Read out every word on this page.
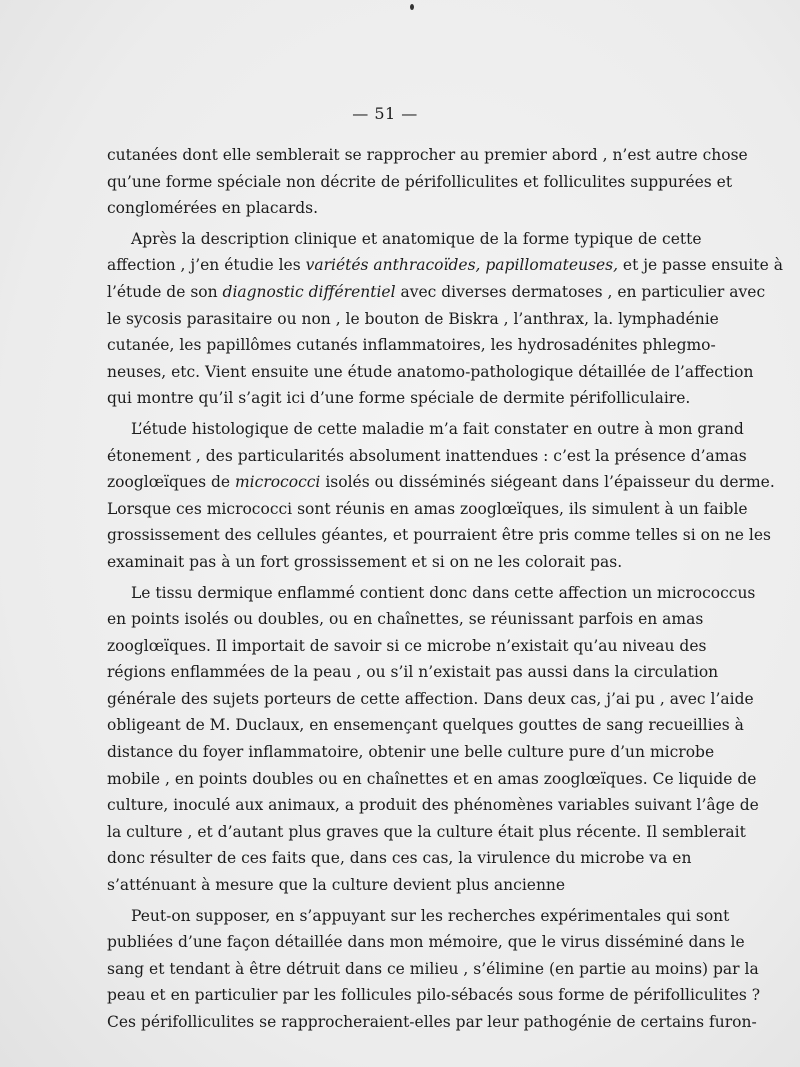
— 51 —
cutanées dont elle semblerait se rapprocher au premier abord , n’est autre chose
qu’une forme spéciale non décrite de périfolliculites et folliculites suppurées et
conglomérées en placards.
Après la description clinique et anatomique de la forme typique de cette
affection , j’en étudie les variétés anthracoïdes, papillomateuses, et je passe ensuite à
l’étude de son diagnostic différentiel avec diverses dermatoses , en particulier avec
le sycosis parasitaire ou non , le bouton de Biskra , l’anthrax, la. lymphadénie
cutanée, les papillômes cutanés inflammatoires, les hydrosadénites phlegmo-
neuses, etc. Vient ensuite une étude anatomo-pathologique détaillée de l’affection
qui montre qu’il s’agit ici d’une forme spéciale de dermite périfolliculaire.
L’étude histologique de cette maladie m’a fait constater en outre à mon grand
étonement , des particularités absolument inattendues : c’est la présence d’amas
zooglœïques de micrococci isolés ou disséminés siégeant dans l’épaisseur du derme.
Lorsque ces micrococci sont réunis en amas zooglœïques, ils simulent à un faible
grossissement des cellules géantes, et pourraient être pris comme telles si on ne les
examinait pas à un fort grossissement et si on ne les colorait pas.
Le tissu dermique enflammé contient donc dans cette affection un micrococcus
en points isolés ou doubles, ou en chaînettes, se réunissant parfois en amas
zooglœïques. Il importait de savoir si ce microbe n’existait qu’au niveau des
régions enflammées de la peau , ou s’il n’existait pas aussi dans la circulation
générale des sujets porteurs de cette affection. Dans deux cas, j’ai pu , avec l’aide
obligeant de M. Duclaux, en ensemençant quelques gouttes de sang recueillies à
distance du foyer inflammatoire, obtenir une belle culture pure d’un microbe
mobile , en points doubles ou en chaînettes et en amas zooglœïques. Ce liquide de
culture, inoculé aux animaux, a produit des phénomènes variables suivant l’âge de
la culture , et d’autant plus graves que la culture était plus récente. Il semblerait
donc résulter de ces faits que, dans ces cas, la virulence du microbe va en
s’atténuant à mesure que la culture devient plus ancienne
Peut-on supposer, en s’appuyant sur les recherches expérimentales qui sont
publiées d’une façon détaillée dans mon mémoire, que le virus disséminé dans le
sang et tendant à être détruit dans ce milieu , s’élimine (en partie au moins) par la
peau et en particulier par les follicules pilo-sébacés sous forme de périfolliculites ?
Ces périfolliculites se rapprocheraient-elles par leur pathogénie de certains furon-
